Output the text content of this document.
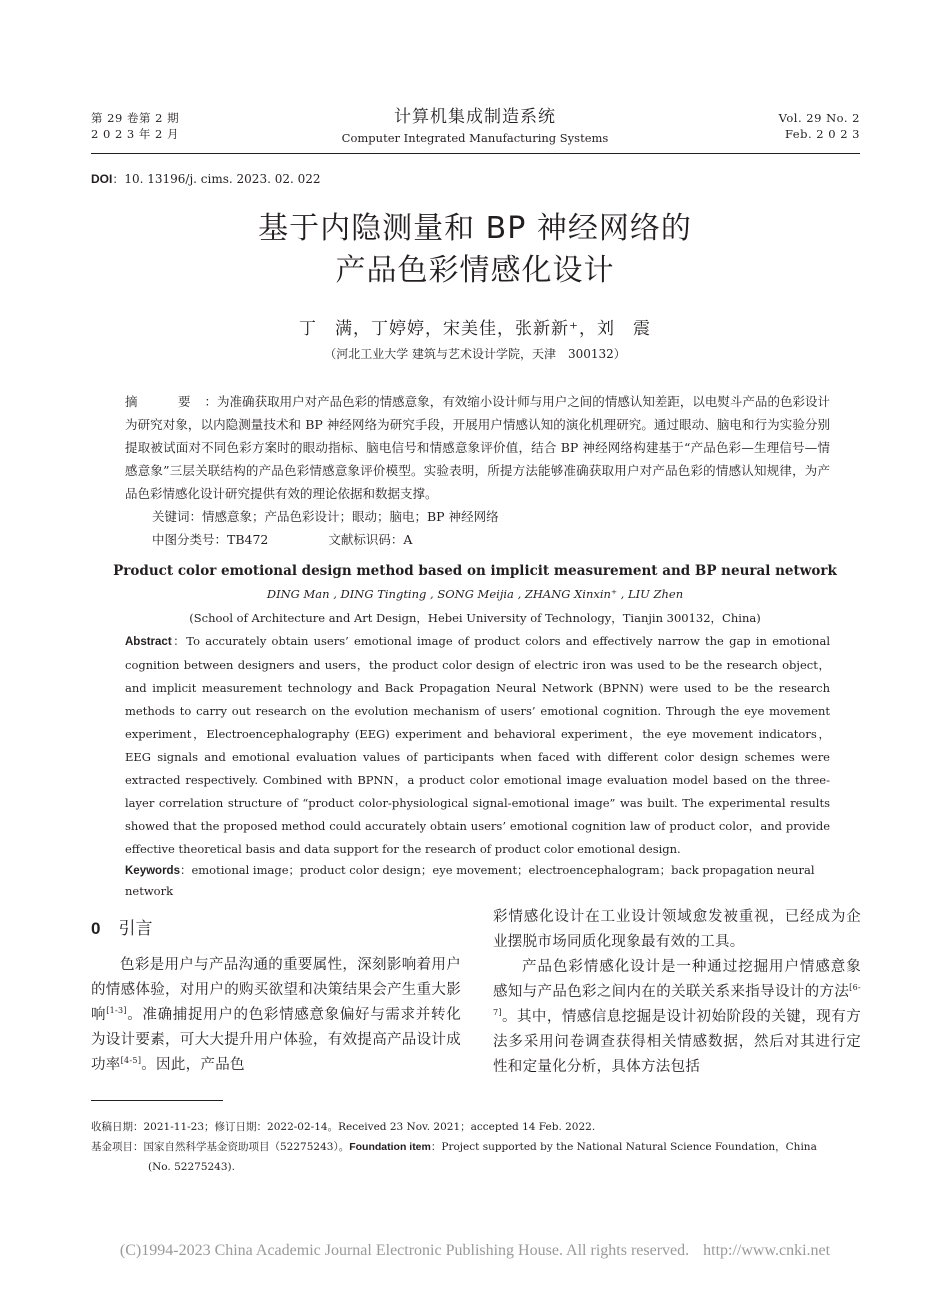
第 29 卷第 2 期
2 0 2 3 年 2 月
计算机集成制造系统
Computer Integrated Manufacturing Systems
Vol. 29 No. 2
Feb. 2 0 2 3
DOI：10. 13196/j. cims. 2023. 02. 022
基于内隐测量和 BP 神经网络的
产品色彩情感化设计
丁　满，丁婷婷，宋美佳，张新新⁺，刘　震
（河北工业大学 建筑与艺术设计学院，天津　300132）
摘　要：为准确获取用户对产品色彩的情感意象，有效缩小设计师与用户之间的情感认知差距，以电熨斗产品的色彩设计为研究对象，以内隐测量技术和 BP 神经网络为研究手段，开展用户情感认知的演化机理研究。通过眼动、脑电和行为实验分别提取被试面对不同色彩方案时的眼动指标、脑电信号和情感意象评价值，结合 BP 神经网络构建基于“产品色彩—生理信号—情感意象”三层关联结构的产品色彩情感意象评价模型。实验表明，所提方法能够准确获取用户对产品色彩的情感认知规律，为产品色彩情感化设计研究提供有效的理论依据和数据支撑。
关键词：情感意象；产品色彩设计；眼动；脑电；BP 神经网络
中图分类号：TB472	文献标识码：A
Product color emotional design method based on implicit measurement and BP neural network
DING Man , DING Tingting , SONG Meijia , ZHANG Xinxin⁺ , LIU Zhen
(School of Architecture and Art Design，Hebei University of Technology，Tianjin 300132，China)
Abstract：To accurately obtain users’ emotional image of product colors and effectively narrow the gap in emotional cognition between designers and users，the product color design of electric iron was used to be the research object，and implicit measurement technology and Back Propagation Neural Network (BPNN) were used to be the research methods to carry out research on the evolution mechanism of users’ emotional cognition. Through the eye movement experiment，Electroencephalography (EEG) experiment and behavioral experiment，the eye movement indicators，EEG signals and emotional evaluation values of participants when faced with different color design schemes were extracted respectively. Combined with BPNN，a product color emotional image evaluation model based on the three-layer correlation structure of “product color-physiological signal-emotional image” was built. The experimental results showed that the proposed method could accurately obtain users’ emotional cognition law of product color，and provide effective theoretical basis and data support for the research of product color emotional design.
Keywords：emotional image；product color design；eye movement；electroencephalogram；back propagation neural network
0 引言

色彩是用户与产品沟通的重要属性，深刻影响着用户的情感体验，对用户的购买欲望和决策结果会产生重大影响[1-3]。准确捕捉用户的色彩情感意象偏好与需求并转化为设计要素，可大大提升用户体验，有效提高产品设计成功率[4-5]。因此，产品色

彩情感化设计在工业设计领域愈发被重视，已经成为企业摆脱市场同质化现象最有效的工具。

产品色彩情感化设计是一种通过挖掘用户情感意象感知与产品色彩之间内在的关联关系来指导设计的方法[6-7]。其中，情感信息挖掘是设计初始阶段的关键，现有方法多采用问卷调查获得相关情感数据，然后对其进行定性和定量化分析，具体方法包括

收稿日期：2021-11-23；修订日期：2022-02-14。Received 23 Nov. 2021；accepted 14 Feb. 2022.
基金项目：国家自然科学基金资助项目（52275243）。Foundation item：Project supported by the National Natural Science Foundation，China
(No. 52275243).
(C)1994-2023 China Academic Journal Electronic Publishing House. All rights reserved. http://www.cnki.net
